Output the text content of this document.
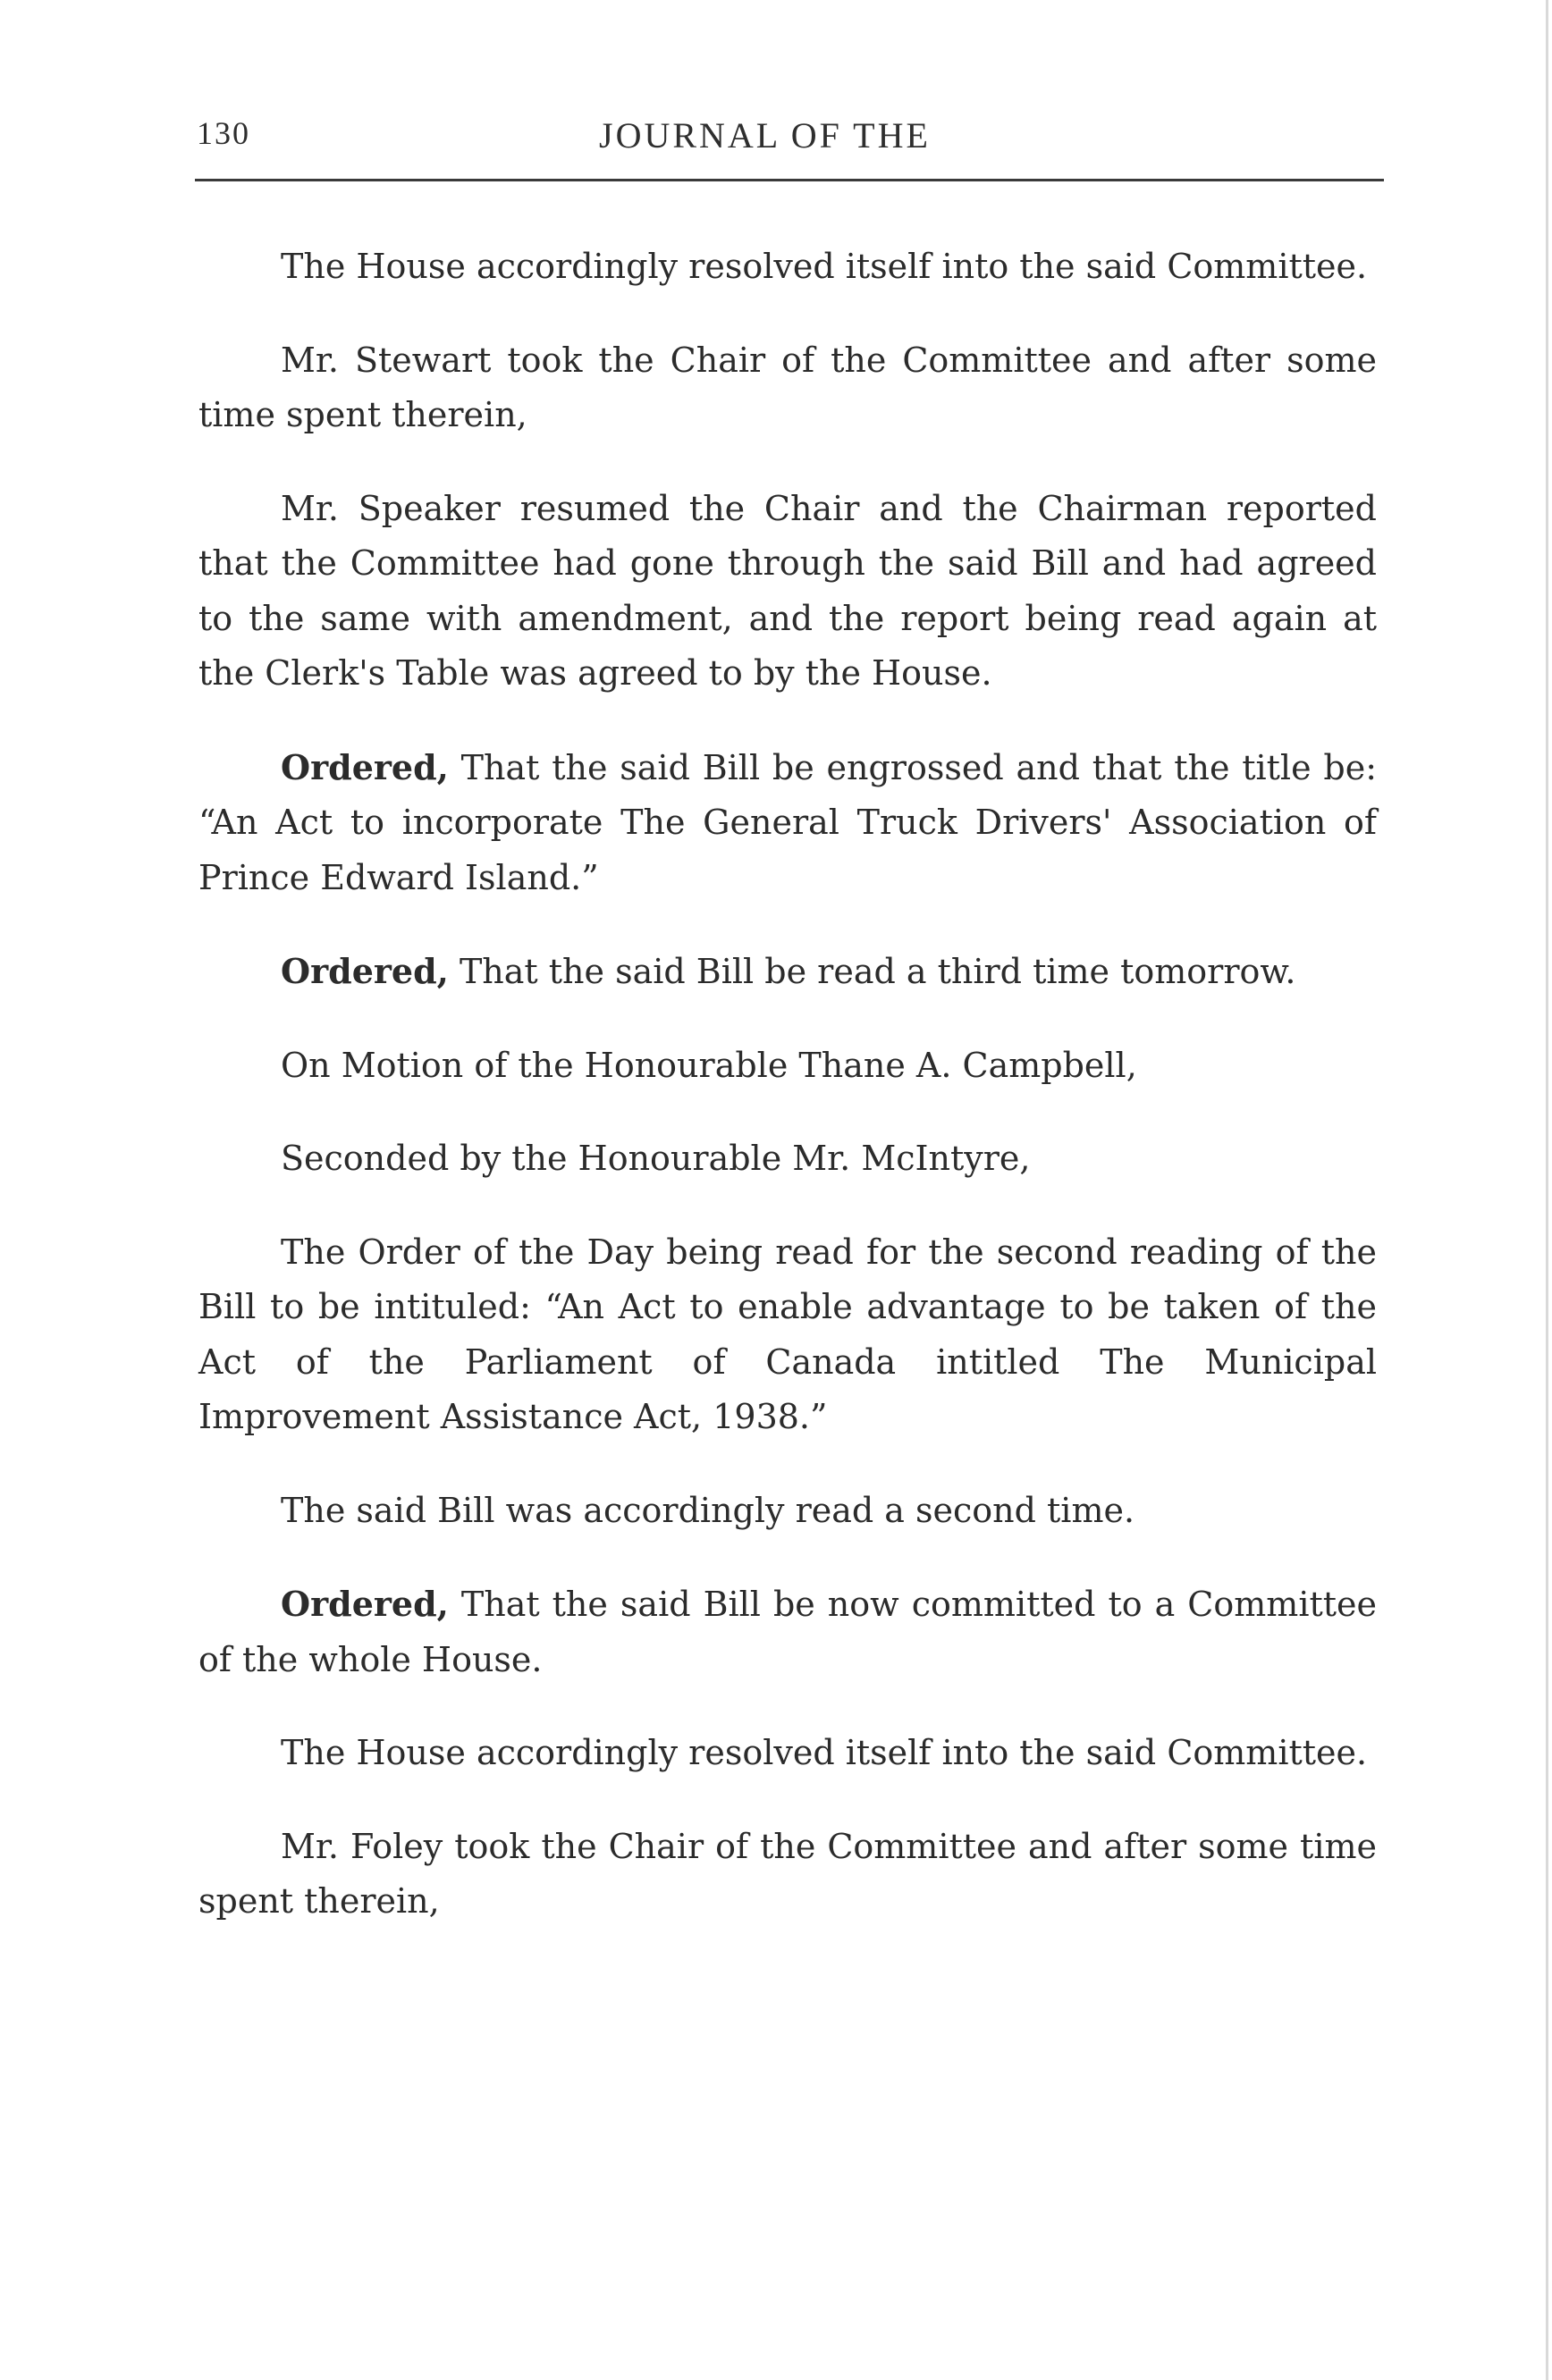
130	JOURNAL OF THE

The House accordingly resolved itself into the said Committee.

Mr. Stewart took the Chair of the Committee and after some time spent therein,

Mr. Speaker resumed the Chair and the Chairman reported that the Committee had gone through the said Bill and had agreed to the same with amendment, and the report being read again at the Clerk's Table was agreed to by the House.

Ordered, That the said Bill be engrossed and that the title be: “An Act to incorporate The General Truck Drivers' Association of Prince Edward Island.”

Ordered, That the said Bill be read a third time tomorrow.

On Motion of the Honourable Thane A. Campbell,

Seconded by the Honourable Mr. McIntyre,

The Order of the Day being read for the second reading of the Bill to be intituled: “An Act to enable advantage to be taken of the Act of the Parliament of Canada intitled The Municipal Improvement Assistance Act, 1938.”

The said Bill was accordingly read a second time.

Ordered, That the said Bill be now committed to a Committee of the whole House.

The House accordingly resolved itself into the said Committee.

Mr. Foley took the Chair of the Committee and after some time spent therein,
